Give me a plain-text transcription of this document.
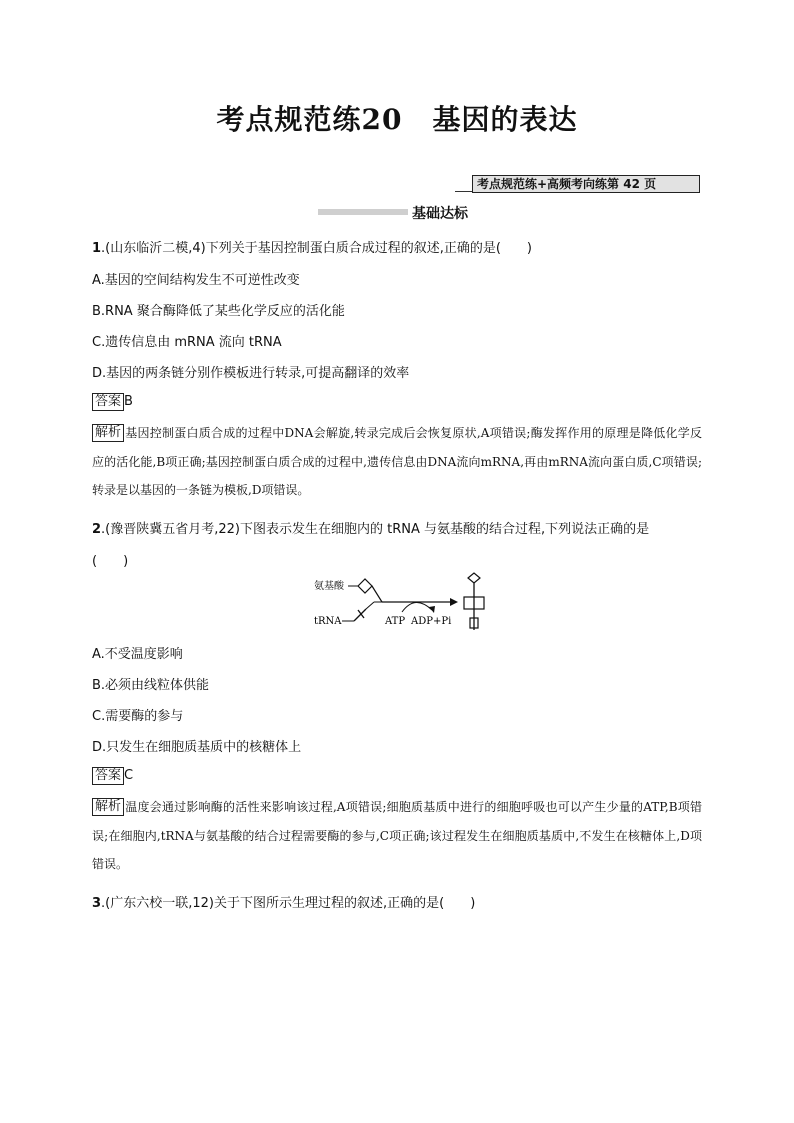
考点规范练20 基因的表达
考点规范练+高频考向练第 42 页
基础达标
1.(山东临沂二模,4)下列关于基因控制蛋白质合成过程的叙述,正确的是(　　)
A.基因的空间结构发生不可逆性改变
B.RNA 聚合酶降低了某些化学反应的活化能
C.遗传信息由 mRNA 流向 tRNA
D.基因的两条链分别作模板进行转录,可提高翻译的效率
答案 B
解析 基因控制蛋白质合成的过程中DNA会解旋,转录完成后会恢复原状,A项错误;酶发挥作用的原理是降低化学反应的活化能,B项正确;基因控制蛋白质合成的过程中,遗传信息由DNA流向mRNA,再由mRNA流向蛋白质,C项错误;转录是以基因的一条链为模板,D项错误。
2.(豫晋陕冀五省月考,22)下图表示发生在细胞内的 tRNA 与氨基酸的结合过程,下列说法正确的是
(　　)
氨基酸
tRNA	ATP ADP+Pi
A.不受温度影响
B.必须由线粒体供能
C.需要酶的参与
D.只发生在细胞质基质中的核糖体上
答案 C
解析 温度会通过影响酶的活性来影响该过程,A项错误;细胞质基质中进行的细胞呼吸也可以产生少量的ATP,B项错误;在细胞内,tRNA与氨基酸的结合过程需要酶的参与,C项正确;该过程发生在细胞质基质中,不发生在核糖体上,D项错误。
3.(广东六校一联,12)关于下图所示生理过程的叙述,正确的是(　　)
